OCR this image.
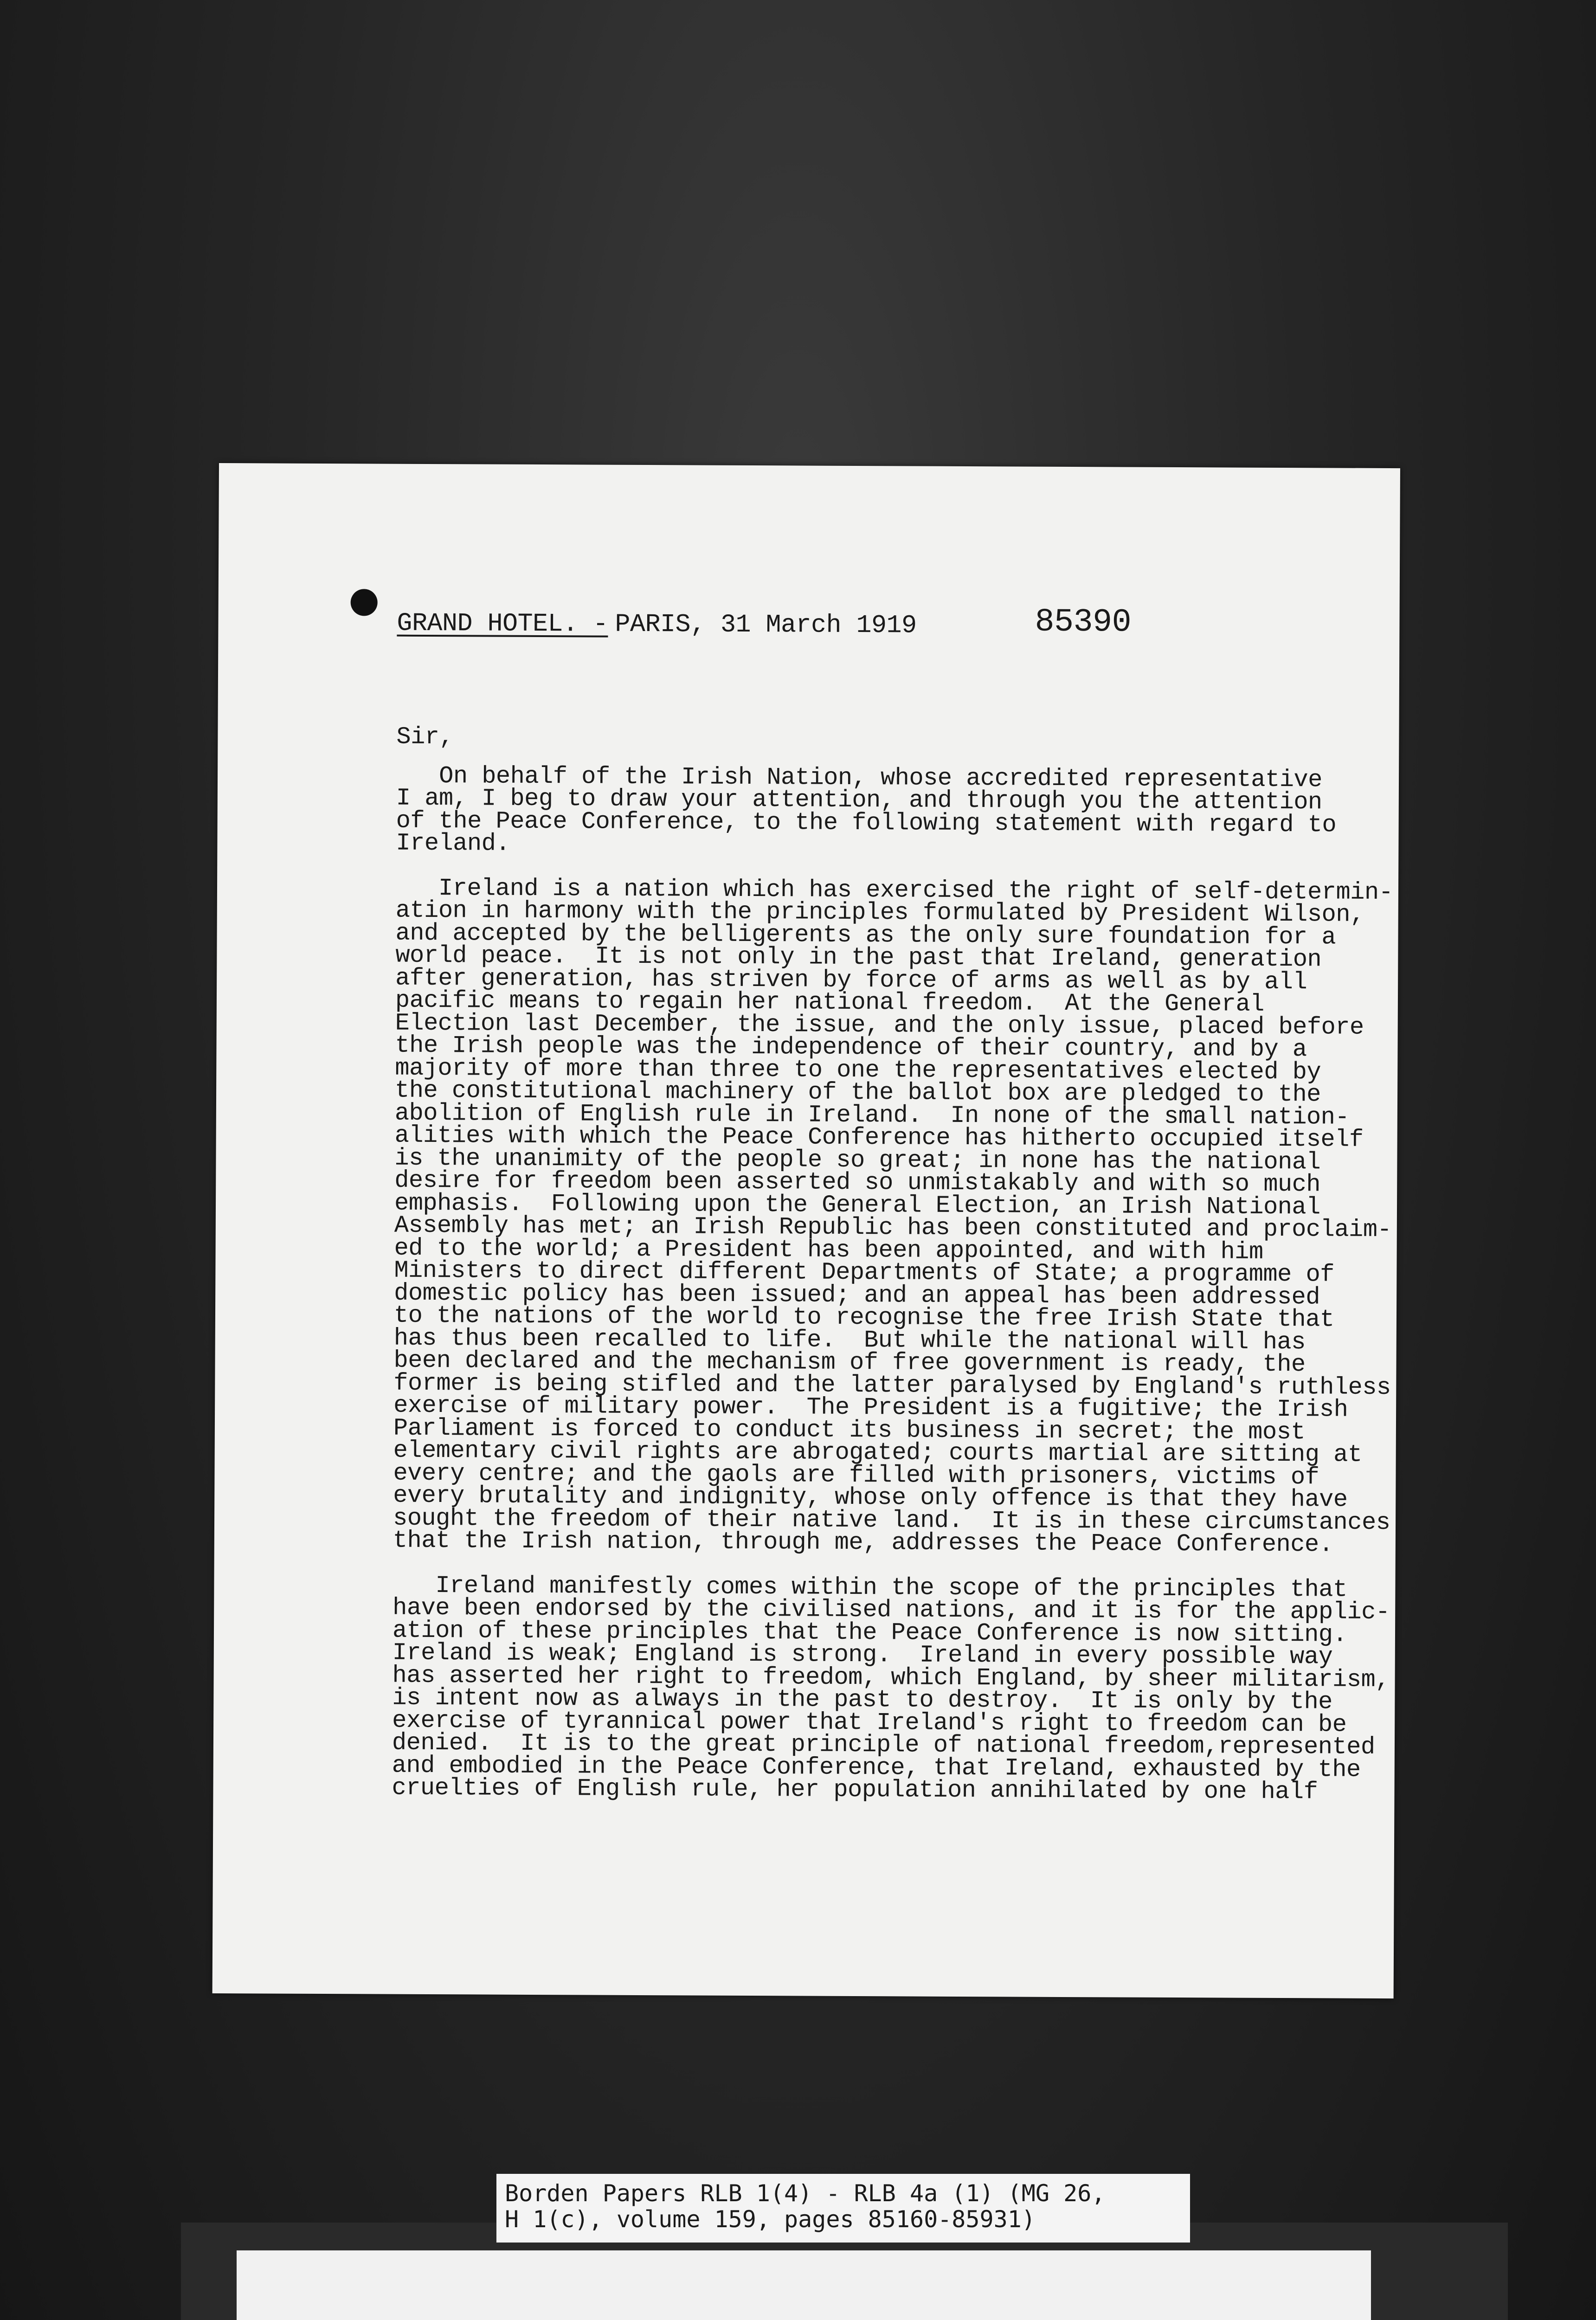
GRAND HOTEL. - PARIS, 31 March 1919	85390
Sir,
On behalf of the Irish Nation, whose accredited representative
I am, I beg to draw your attention, and through you the attention
of the Peace Conference, to the following statement with regard to
Ireland.
Ireland is a nation which has exercised the right of self-determin-
ation in harmony with the principles formulated by President Wilson,
and accepted by the belligerents as the only sure foundation for a
world peace.  It is not only in the past that Ireland, generation
after generation, has striven by force of arms as well as by all
pacific means to regain her national freedom.  At the General
Election last December, the issue, and the only issue, placed before
the Irish people was the independence of their country, and by a
majority of more than three to one the representatives elected by
the constitutional machinery of the ballot box are pledged to the
abolition of English rule in Ireland.  In none of the small nation-
alities with which the Peace Conference has hitherto occupied itself
is the unanimity of the people so great; in none has the national
desire for freedom been asserted so unmistakably and with so much
emphasis.  Following upon the General Election, an Irish National
Assembly has met; an Irish Republic has been constituted and proclaim-
ed to the world; a President has been appointed, and with him
Ministers to direct different Departments of State; a programme of
domestic policy has been issued; and an appeal has been addressed
to the nations of the world to recognise the free Irish State that
has thus been recalled to life.  But while the national will has
been declared and the mechanism of free government is ready, the
former is being stifled and the latter paralysed by England's ruthless
exercise of military power.  The President is a fugitive; the Irish
Parliament is forced to conduct its business in secret; the most
elementary civil rights are abrogated; courts martial are sitting at
every centre; and the gaols are filled with prisoners, victims of
every brutality and indignity, whose only offence is that they have
sought the freedom of their native land.  It is in these circumstances
that the Irish nation, through me, addresses the Peace Conference.
Ireland manifestly comes within the scope of the principles that
have been endorsed by the civilised nations, and it is for the applic-
ation of these principles that the Peace Conference is now sitting.
Ireland is weak; England is strong.  Ireland in every possible way
has asserted her right to freedom, which England, by sheer militarism,
is intent now as always in the past to destroy.  It is only by the
exercise of tyrannical power that Ireland's right to freedom can be
denied.  It is to the great principle of national freedom,represented
and embodied in the Peace Conference, that Ireland, exhausted by the
cruelties of English rule, her population annihilated by one half
Borden Papers RLB 1(4) - RLB 4a (1) (MG 26,
H 1(c), volume 159, pages 85160-85931)
